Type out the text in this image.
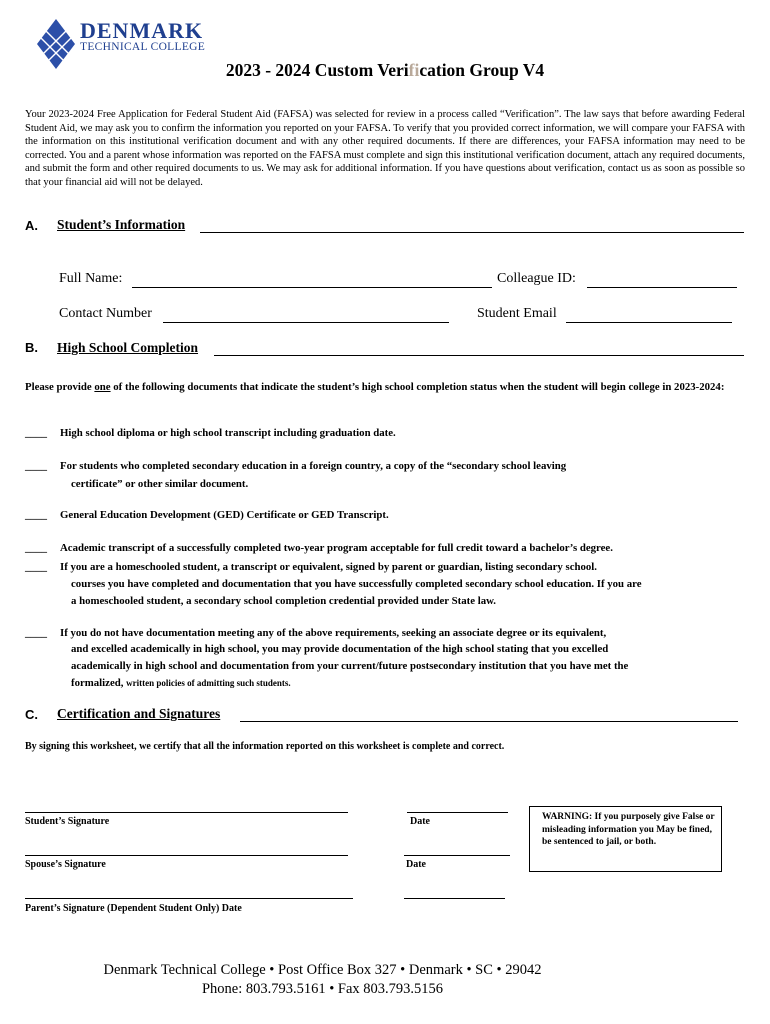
DENMARK
TECHNICAL COLLEGE
2023 - 2024 Custom Verification Group V4
Your 2023-2024 Free Application for Federal Student Aid (FAFSA) was selected for review in a process called “Verification”. The law says that before awarding Federal Student Aid, we may ask you to confirm the information you reported on your FAFSA. To verify that you provided correct information, we will compare your FAFSA with the information on this institutional verification document and with any other required documents. If there are differences, your FAFSA information may need to be corrected. You and a parent whose information was reported on the FAFSA must complete and sign this institutional verification document, attach any required documents, and submit the form and other required documents to us. We may ask for additional information. If you have questions about verification, contact us as soon as possible so that your financial aid will not be delayed.
A. Student’s Information
Full Name:	Colleague ID:
Contact Number	Student Email
B. High School Completion
Please provide one of the following documents that indicate the student’s high school completion status when the student will begin college in 2023-2024:
____ High school diploma or high school transcript including graduation date.
____ For students who completed secondary education in a foreign country, a copy of the “secondary school leaving
certificate” or other similar document.
____ General Education Development (GED) Certificate or GED Transcript.
____ Academic transcript of a successfully completed two-year program acceptable for full credit toward a bachelor’s degree.
____ If you are a homeschooled student, a transcript or equivalent, signed by parent or guardian, listing secondary school.
courses you have completed and documentation that you have successfully completed secondary school education. If you are
a homeschooled student, a secondary school completion credential provided under State law.
____ If you do not have documentation meeting any of the above requirements, seeking an associate degree or its equivalent,
and excelled academically in high school, you may provide documentation of the high school stating that you excelled
academically in high school and documentation from your current/future postsecondary institution that you have met the
formalized, written policies of admitting such students.
C. Certification and Signatures
By signing this worksheet, we certify that all the information reported on this worksheet is complete and correct.
Student’s Signature	Date
Spouse’s Signature	Date
Parent’s Signature (Dependent Student Only) Date
WARNING: If you purposely give False or misleading information you May be fined, be sentenced to jail, or both.
Denmark Technical College • Post Office Box 327 • Denmark • SC • 29042
Phone: 803.793.5161 • Fax 803.793.5156
